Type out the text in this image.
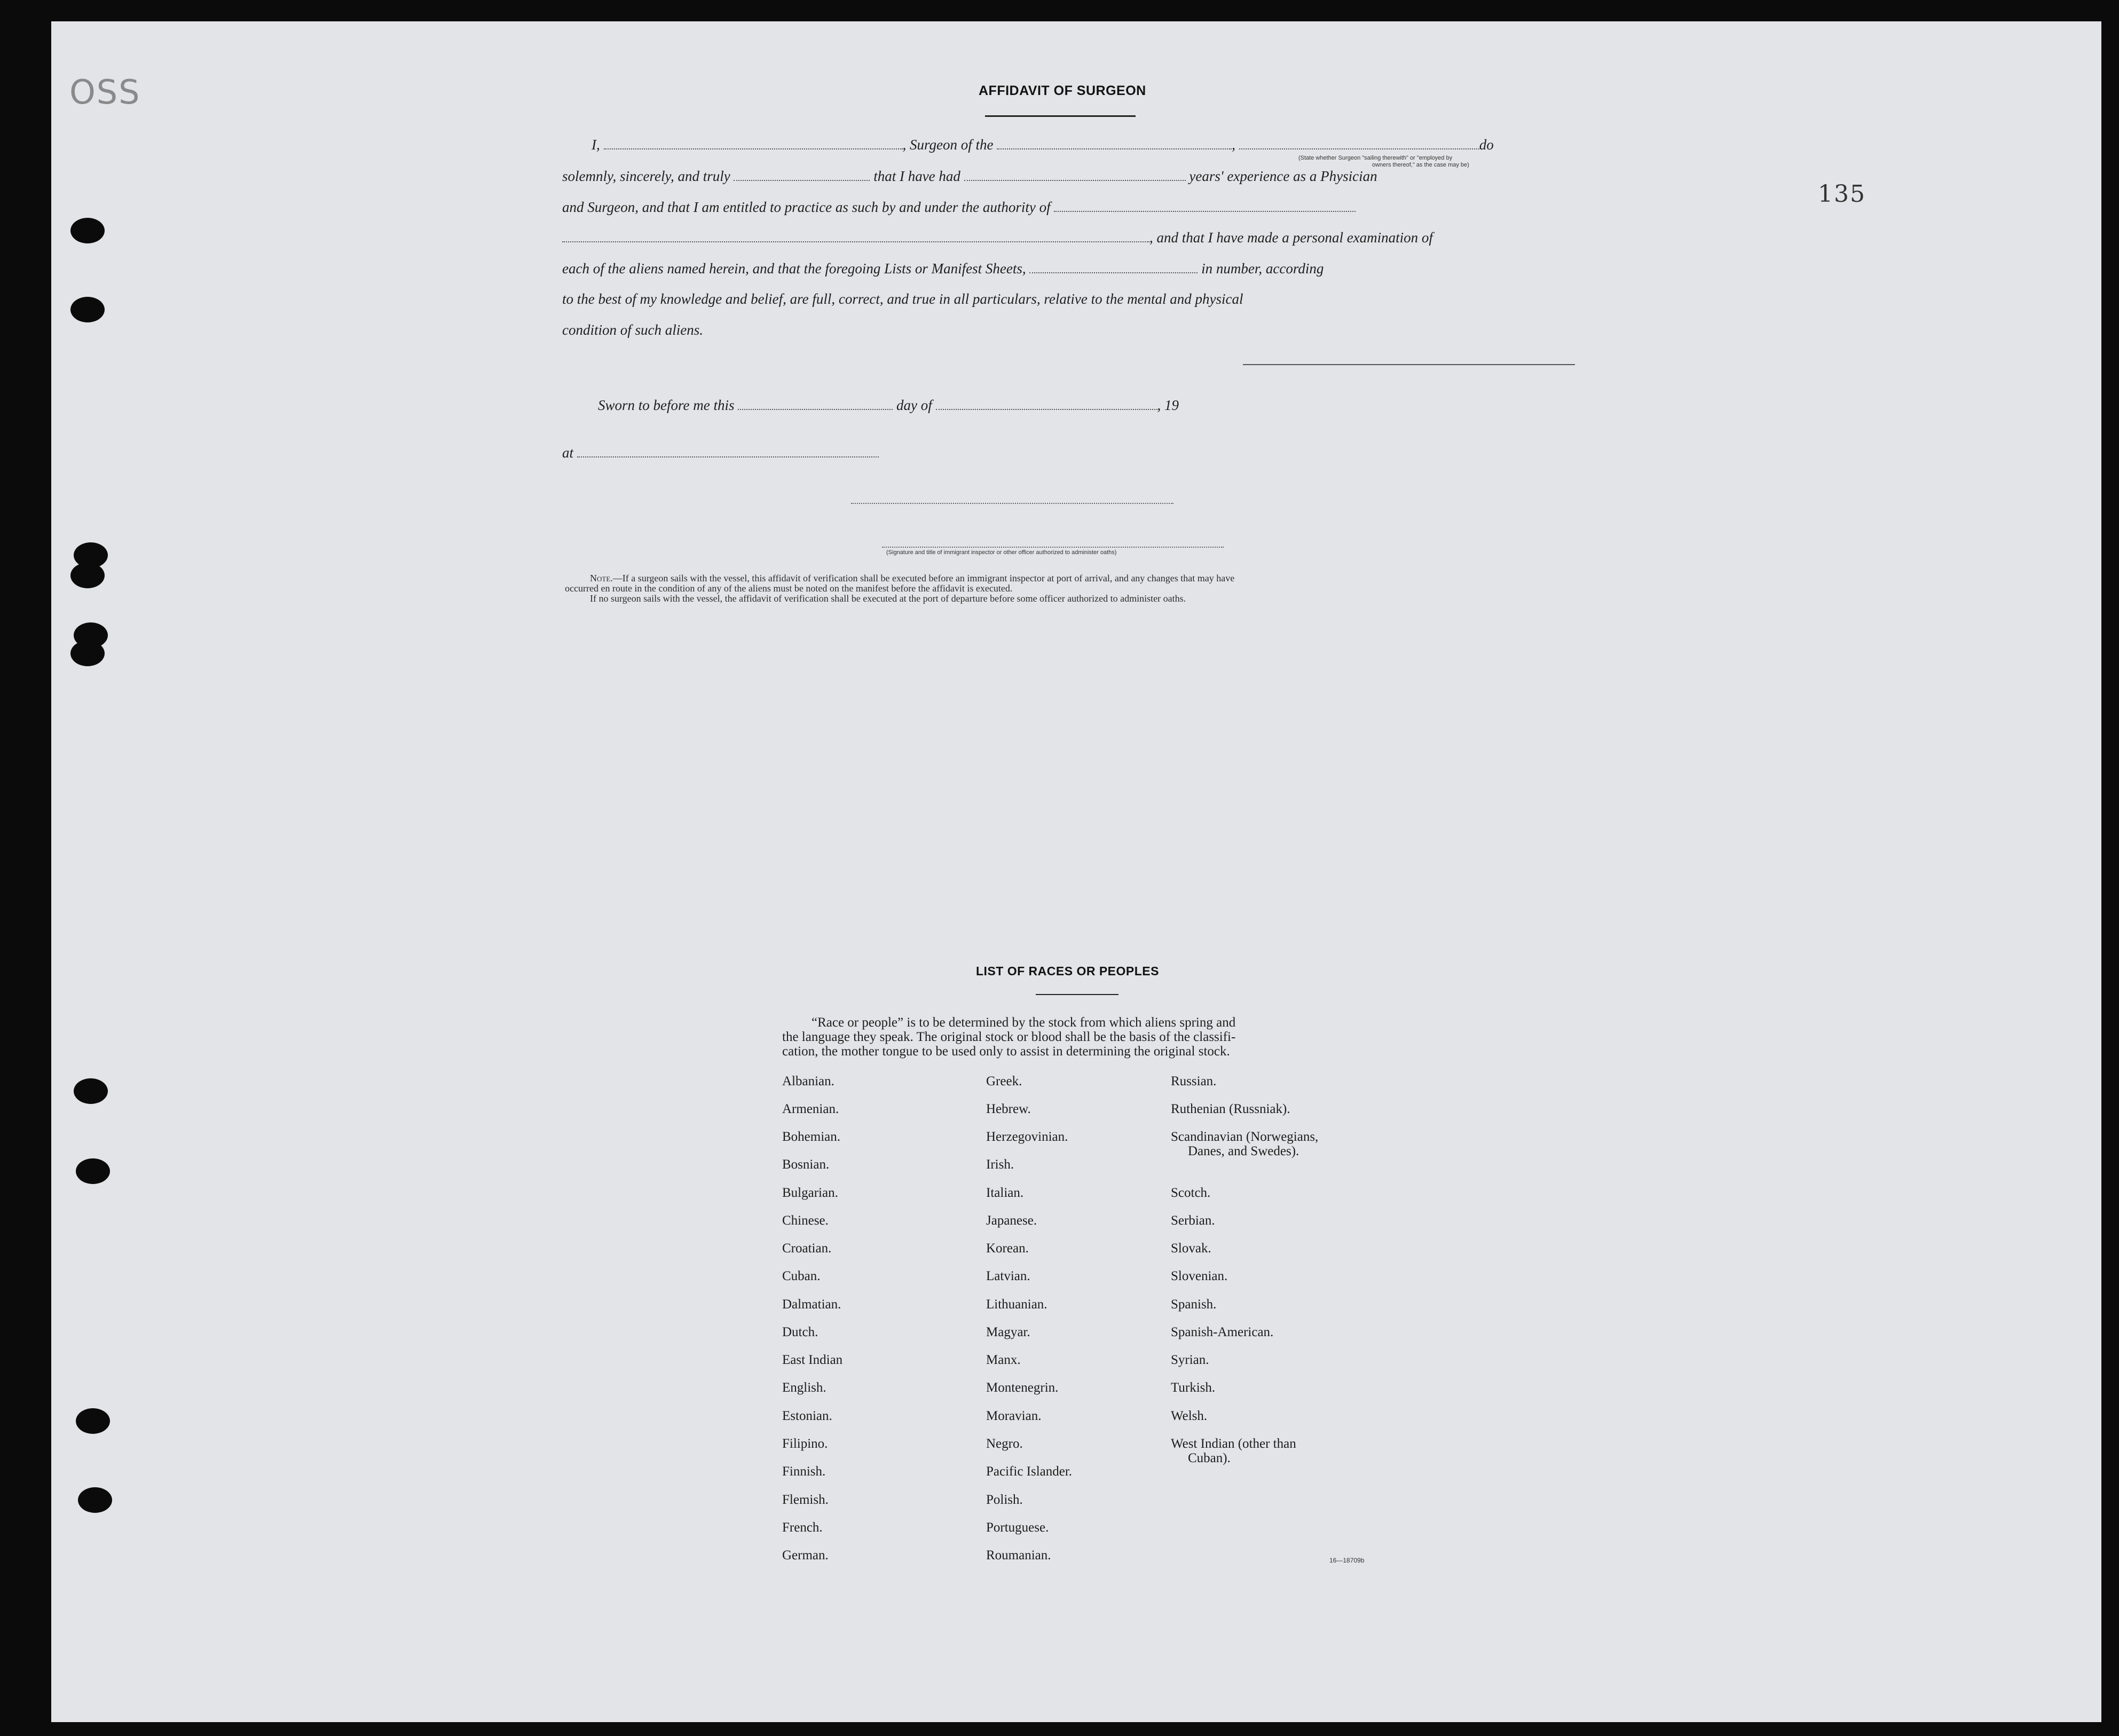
OSS
135
AFFIDAVIT OF SURGEON
I,	, Surgeon of the	,	do
(State whether Surgeon "sailing therewith" or "employed by
owners thereof," as the case may be)
solemnly, sincerely, and truly	that I have had	years' experience as a Physician
and Surgeon, and that I am entitled to practice as such by and under the authority of
, and that I have made a personal examination of
each of the aliens named herein, and that the foregoing Lists or Manifest Sheets,	in number, according
to the best of my knowledge and belief, are full, correct, and true in all particulars, relative to the mental and physical
condition of such aliens.
Sworn to before me this	day of	, 19
at
(Signature and title of immigrant inspector or other officer authorized to administer oaths)
Note.—If a surgeon sails with the vessel, this affidavit of verification shall be executed before an immigrant inspector at port of arrival, and any changes that may have
occurred en route in the condition of any of the aliens must be noted on the manifest before the affidavit is executed.
If no surgeon sails with the vessel, the affidavit of verification shall be executed at the port of departure before some officer authorized to administer oaths.
LIST OF RACES OR PEOPLES
“Race or people” is to be determined by the stock from which aliens spring and
the language they speak. The original stock or blood shall be the basis of the classifi-
cation, the mother tongue to be used only to assist in determining the original stock.
Albanian.
Armenian.
Bohemian.
Bosnian.
Bulgarian.
Chinese.
Croatian.
Cuban.
Dalmatian.
Dutch.
East Indian
English.
Estonian.
Filipino.
Finnish.
Flemish.
French.
German.
Greek.
Hebrew.
Herzegovinian.
Irish.
Italian.
Japanese.
Korean.
Latvian.
Lithuanian.
Magyar.
Manx.
Montenegrin.
Moravian.
Negro.
Pacific Islander.
Polish.
Portuguese.
Roumanian.
Russian.
Ruthenian (Russniak).
Scandinavian (Norwegians,
Danes, and Swedes).
Scotch.
Serbian.
Slovak.
Slovenian.
Spanish.
Spanish-American.
Syrian.
Turkish.
Welsh.
West Indian (other than
Cuban).
16—18709b
